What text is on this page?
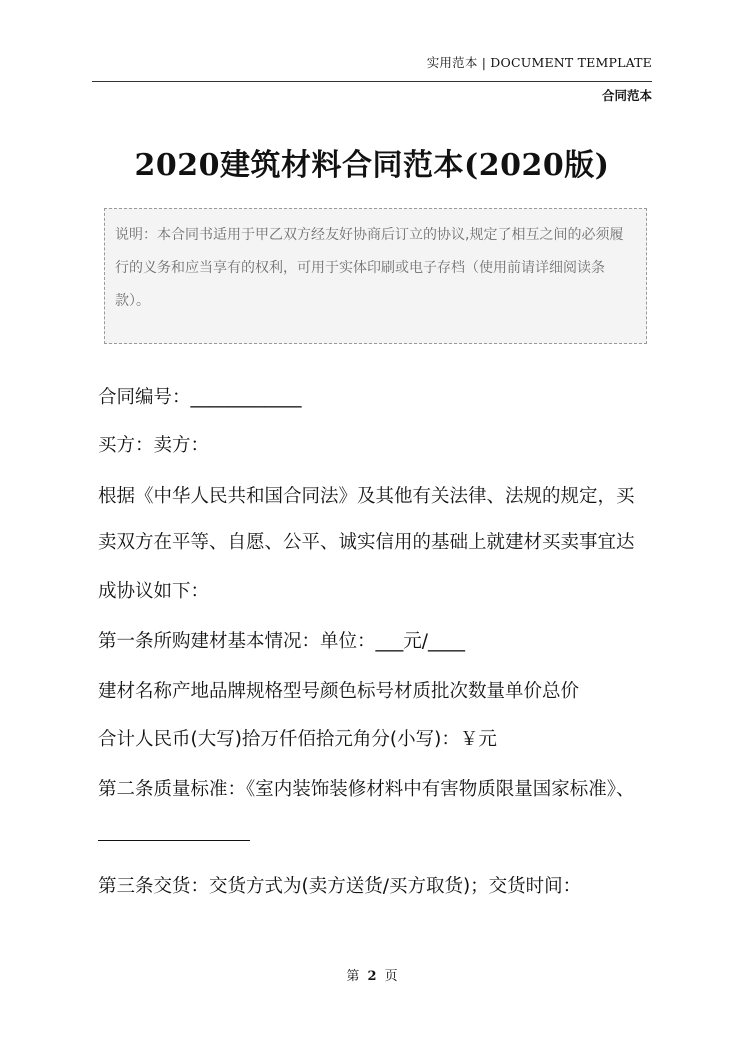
实用范本 | DOCUMENT TEMPLATE
合同范本
2020建筑材料合同范本(2020版)
说明：本合同书适用于甲乙双方经友好协商后订立的协议,规定了相互之间的必须履行的义务和应当享有的权利，可用于实体印刷或电子存档（使用前请详细阅读条款）。
合同编号：____________
买方：卖方：
根据《中华人民共和国合同法》及其他有关法律、法规的规定，买
卖双方在平等、自愿、公平、诚实信用的基础上就建材买卖事宜达
成协议如下：
第一条所购建材基本情况：单位：___元/____
建材名称产地品牌规格型号颜色标号材质批次数量单价总价
合计人民币(大写)拾万仟佰拾元角分(小写)：￥元
第二条质量标准：《室内装饰装修材料中有害物质限量国家标准》、
第三条交货：交货方式为(卖方送货/买方取货)；交货时间：
第 2 页
